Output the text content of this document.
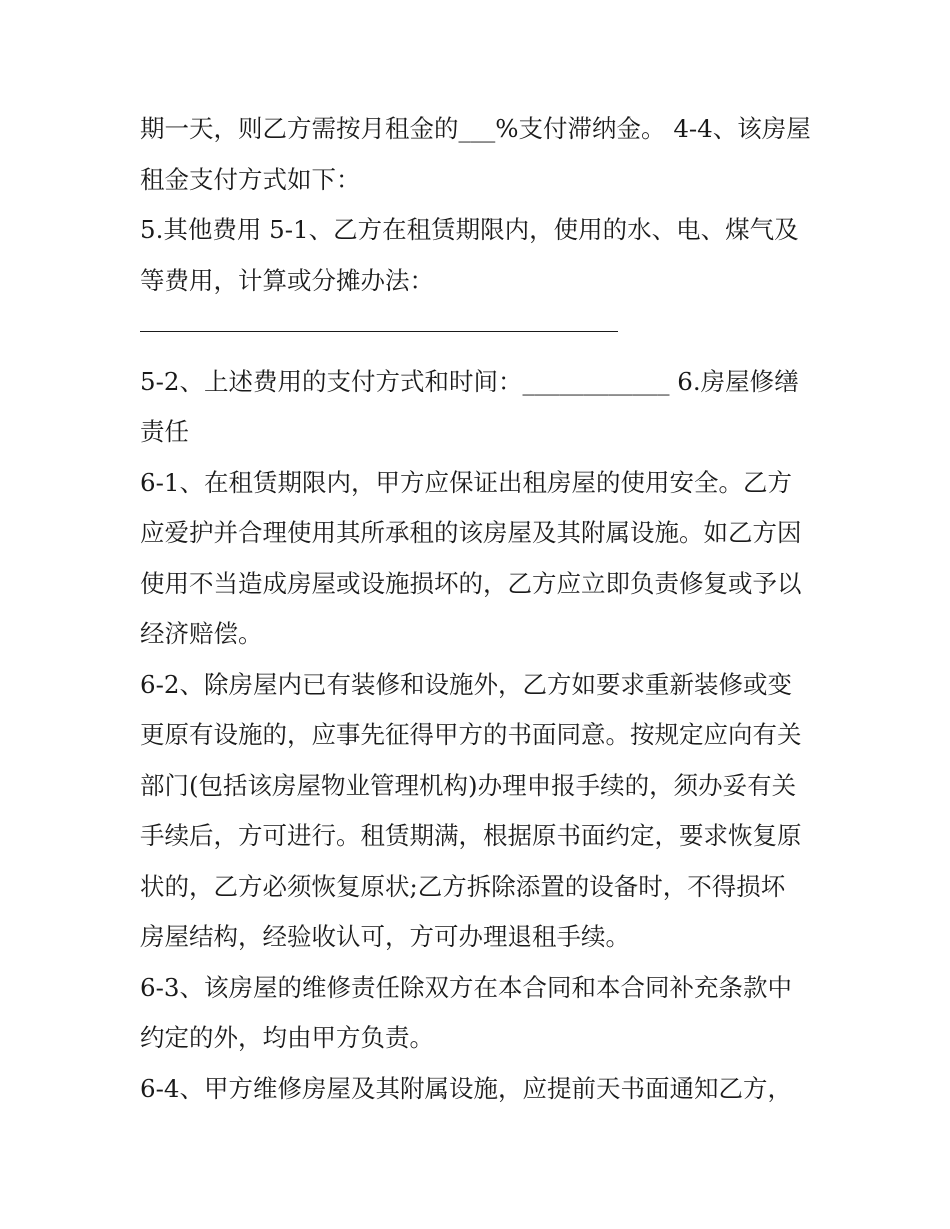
期一天，则乙方需按月租金的___%支付滞纳金。 4-4、该房屋
租金支付方式如下：
5.其他费用 5-1、乙方在租赁期限内，使用的水、电、煤气及
等费用，计算或分摊办法：
5-2、上述费用的支付方式和时间：____________ 6.房屋修缮
责任
6-1、在租赁期限内，甲方应保证出租房屋的使用安全。乙方
应爱护并合理使用其所承租的该房屋及其附属设施。如乙方因
使用不当造成房屋或设施损坏的，乙方应立即负责修复或予以
经济赔偿。
6-2、除房屋内已有装修和设施外，乙方如要求重新装修或变
更原有设施的，应事先征得甲方的书面同意。按规定应向有关
部门(包括该房屋物业管理机构)办理申报手续的，须办妥有关
手续后，方可进行。租赁期满，根据原书面约定，要求恢复原
状的，乙方必须恢复原状;乙方拆除添置的设备时，不得损坏
房屋结构，经验收认可，方可办理退租手续。
6-3、该房屋的维修责任除双方在本合同和本合同补充条款中
约定的外，均由甲方负责。
6-4、甲方维修房屋及其附属设施，应提前天书面通知乙方，
